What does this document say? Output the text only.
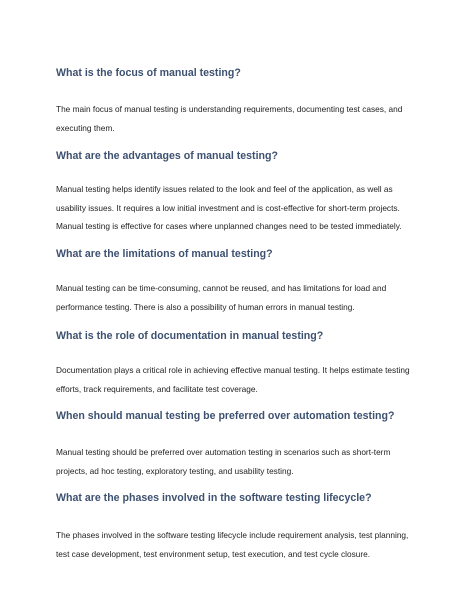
What is the focus of manual testing?

The main focus of manual testing is understanding requirements, documenting test cases, and executing them.

What are the advantages of manual testing?

Manual testing helps identify issues related to the look and feel of the application, as well as usability issues. It requires a low initial investment and is cost-effective for short-term projects. Manual testing is effective for cases where unplanned changes need to be tested immediately.

What are the limitations of manual testing?

Manual testing can be time-consuming, cannot be reused, and has limitations for load and performance testing. There is also a possibility of human errors in manual testing.

What is the role of documentation in manual testing?

Documentation plays a critical role in achieving effective manual testing. It helps estimate testing efforts, track requirements, and facilitate test coverage.

When should manual testing be preferred over automation testing?

Manual testing should be preferred over automation testing in scenarios such as short-term projects, ad hoc testing, exploratory testing, and usability testing.

What are the phases involved in the software testing lifecycle?

The phases involved in the software testing lifecycle include requirement analysis, test planning, test case development, test environment setup, test execution, and test cycle closure.
